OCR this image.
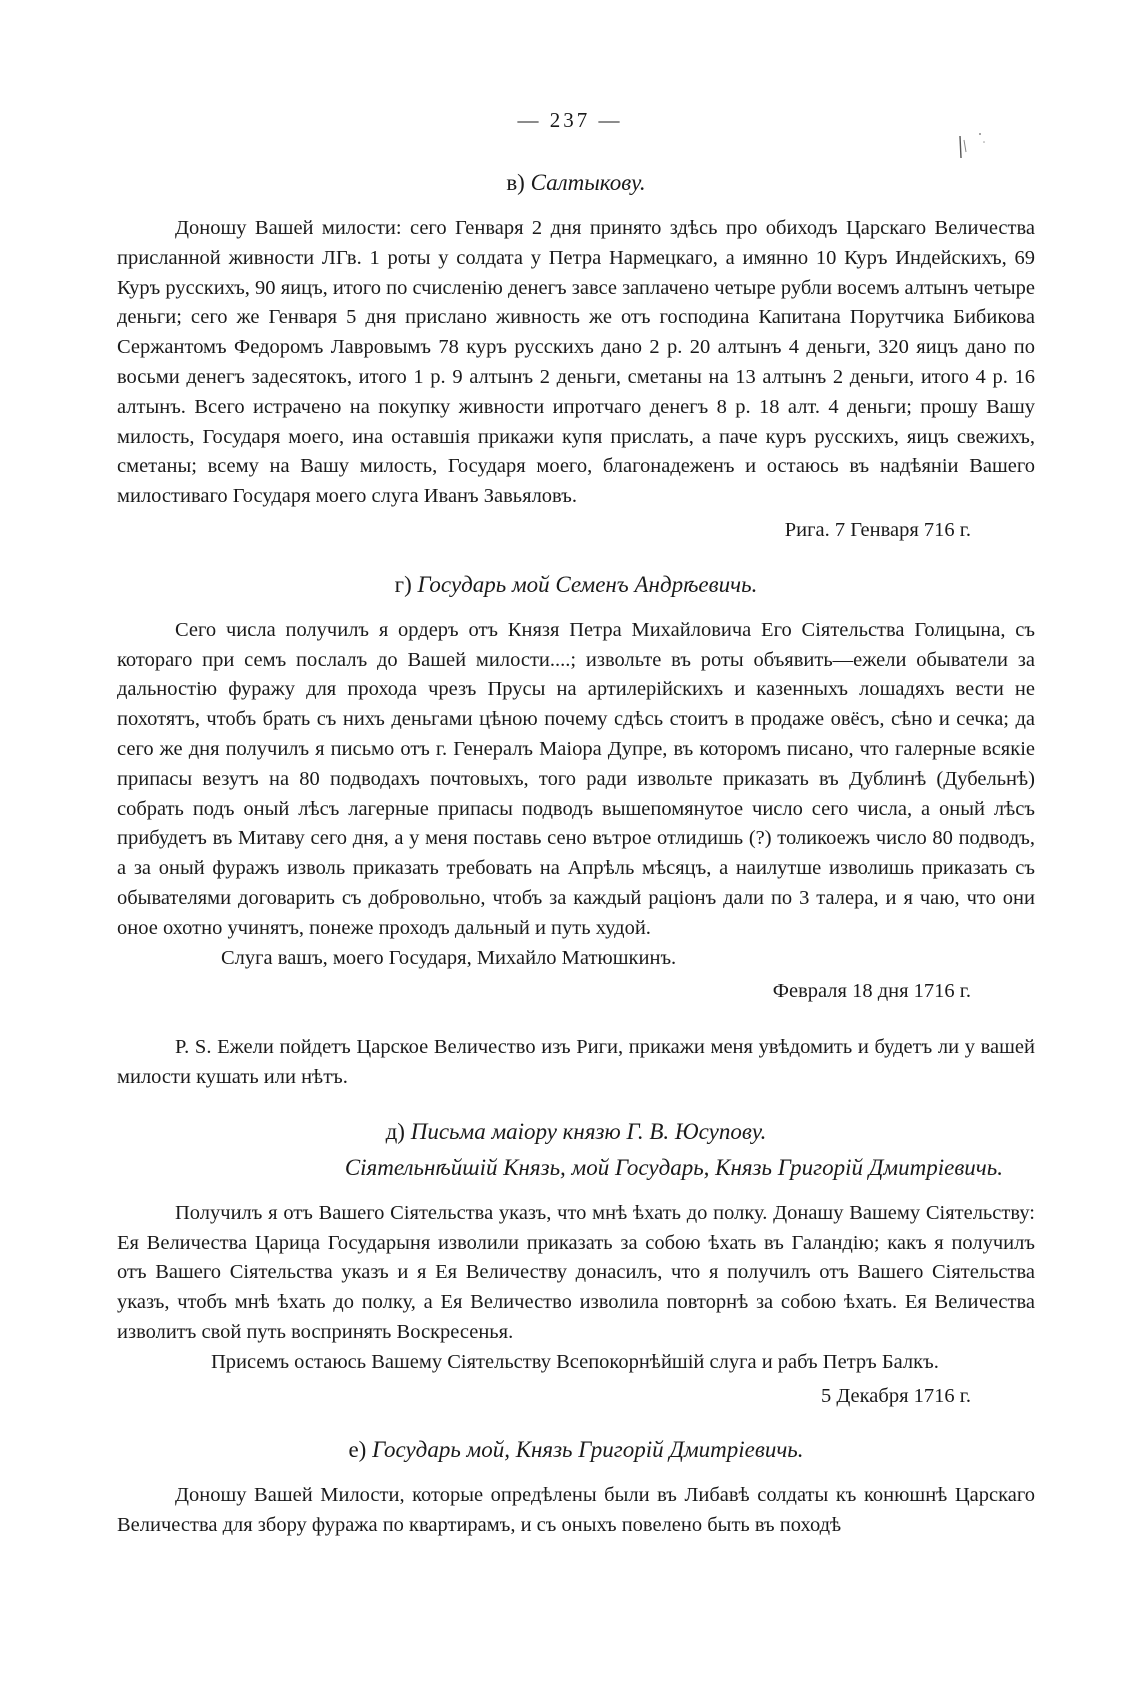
— 237 —
в) Салтыкову.

Доношу Вашей милости: сего Генваря 2 дня принято здѣсь про обиходъ Царскаго Величества присланной живности ЛГв. 1 роты у солдата у Петра Нармецкаго, а имянно 10 Куръ Индейскихъ, 69 Куръ русскихъ, 90 яицъ, итого по счисленію денегъ завсе заплачено четыре рубли восемъ алтынъ четыре деньги; сего же Генваря 5 дня прислано живность же отъ господина Капитана Порутчика Бибикова Сержантомъ Федоромъ Лавровымъ 78 куръ русскихъ дано 2 р. 20 алтынъ 4 деньги, 320 яицъ дано по восьми денегъ задесятокъ, итого 1 р. 9 алтынъ 2 деньги, сметаны на 13 алтынъ 2 деньги, итого 4 р. 16 алтынъ. Всего истрачено на покупку живности ипротчаго денегъ 8 р. 18 алт. 4 деньги; прошу Вашу милость, Государя моего, ина оставшія прикажи купя прислать, а паче куръ русскихъ, яицъ свежихъ, сметаны; всему на Вашу милость, Государя моего, благонадеженъ и остаюсь въ надѣяніи Вашего милостиваго Государя моего слуга Иванъ Завьяловъ.

Рига. 7 Генваря 716 г.

г) Государь мой Семенъ Андрѣевичь.

Сего числа получилъ я ордеръ отъ Князя Петра Михайловича Его Сіятельства Голицына, съ котораго при семъ послалъ до Вашей милости....; извольте въ роты объявить—ежели обыватели за дальностію фуражу для прохода чрезъ Прусы на артилерійскихъ и казенныхъ лошадяхъ вести не похотятъ, чтобъ брать съ нихъ деньгами цѣною почему сдѣсь стоитъ в продаже овёсъ, сѣно и сечка; да сего же дня получилъ я письмо отъ г. Генералъ Маіора Дупре, въ которомъ писано, что галерные всякіе припасы везутъ на 80 подводахъ почтовыхъ, того ради извольте приказать въ Дублинѣ (Дубельнѣ) собрать подъ оный лѣсъ лагерные припасы подводъ вышепомянутое число сего числа, а оный лѣсъ прибудетъ въ Митаву сего дня, а у меня поставь сено вътрое отлидишь (?) толикоежъ число 80 подводъ, а за оный фуражъ изволь приказать требовать на Апрѣль мѣсяцъ, а наилутше изволишь приказать съ обывателями договарить съ добровольно, чтобъ за каждый раціонъ дали по 3 талера, и я чаю, что они оное охотно учинятъ, понеже проходъ дальный и путь худой.

Слуга вашъ, моего Государя, Михайло Матюшкинъ.

Февраля 18 дня 1716 г.

P. S. Ежели пойдетъ Царское Величество изъ Риги, прикажи меня увѣдомить и будетъ ли у вашей милости кушать или нѣтъ.

д) Письма маіору князю Г. В. Юсупову.
Сіятельнѣйшій Князь, мой Государь, Князь Григорій Дмитріевичь.

Получилъ я отъ Вашего Сіятельства указъ, что мнѣ ѣхать до полку. Донашу Вашему Сіятельству: Ея Величества Царица Государыня изволили приказать за собою ѣхать въ Галандію; какъ я получилъ отъ Вашего Сіятельства указъ и я Ея Величеству донасилъ, что я получилъ отъ Вашего Сіятельства указъ, чтобъ мнѣ ѣхать до полку, а Ея Величество изволила повторнѣ за собою ѣхать. Ея Величества изволитъ свой путь воспринять Воскресенья.

Присемъ остаюсь Вашему Сіятельству Всепокорнѣйшій слуга и рабъ Петръ Балкъ.

5 Декабря 1716 г.

е) Государь мой, Князь Григорій Дмитріевичь.

Доношу Вашей Милости, которые опредѣлены были въ Либавѣ солдаты къ конюшнѣ Царскаго Величества для збору фуража по квартирамъ, и съ оныхъ повелено быть въ походѣ
